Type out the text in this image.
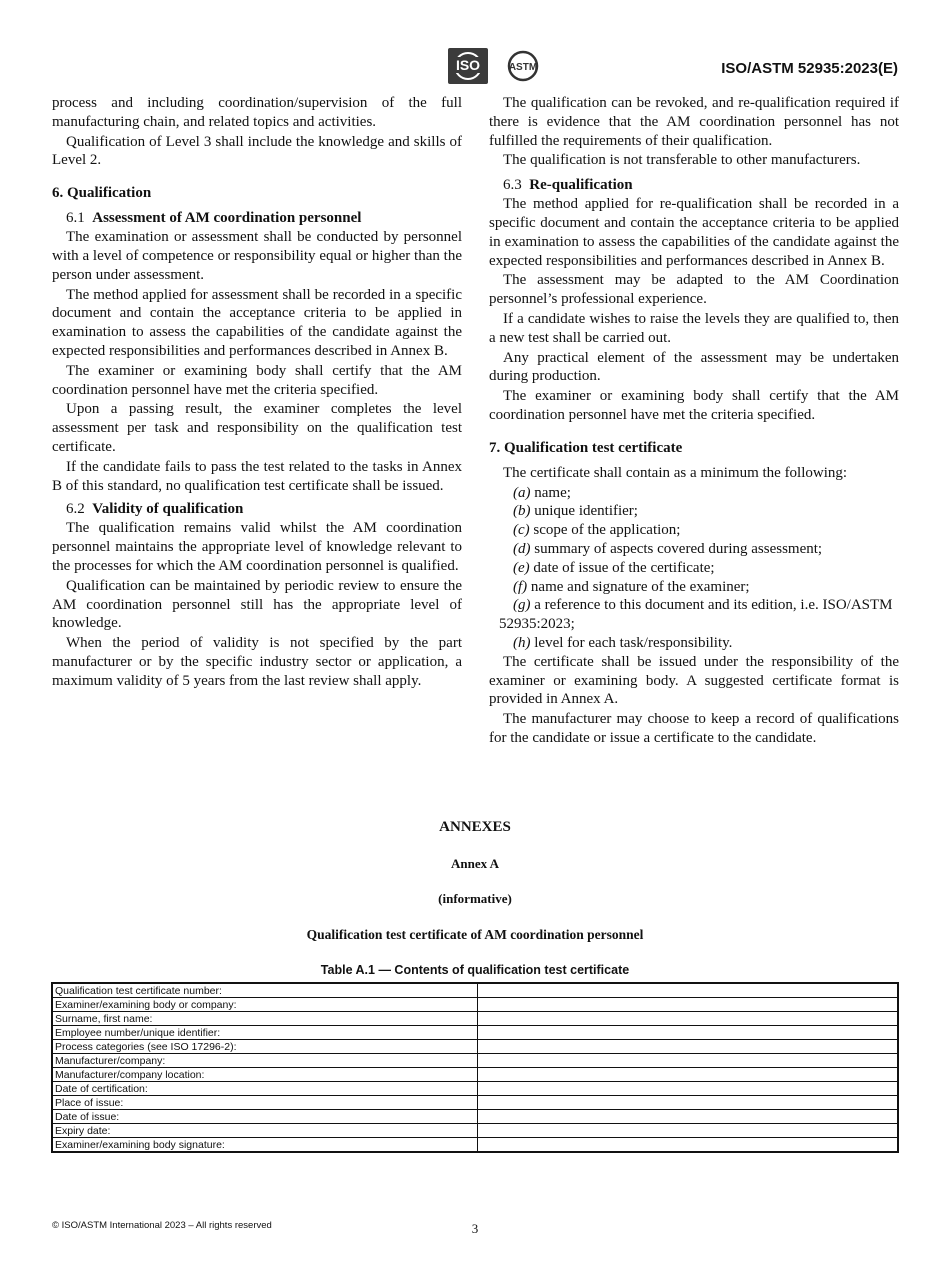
ISO	ASTM	ISO/ASTM 52935:2023(E)

process and including coordination/supervision of the full manufacturing chain, and related topics and activities.

Qualification of Level 3 shall include the knowledge and skills of Level 2.

6. Qualification
6.1 Assessment of AM coordination personnel

The examination or assessment shall be conducted by personnel with a level of competence or responsibility equal or higher than the person under assessment.

The method applied for assessment shall be recorded in a specific document and contain the acceptance criteria to be applied in examination to assess the capabilities of the candidate against the expected responsibilities and performances described in Annex B.

The examiner or examining body shall certify that the AM coordination personnel have met the criteria specified.

Upon a passing result, the examiner completes the level assessment per task and responsibility on the qualification test certificate.

If the candidate fails to pass the test related to the tasks in Annex B of this standard, no qualification test certificate shall be issued.

6.2 Validity of qualification

The qualification remains valid whilst the AM coordination personnel maintains the appropriate level of knowledge relevant to the processes for which the AM coordination personnel is qualified.

Qualification can be maintained by periodic review to ensure the AM coordination personnel still has the appropriate level of knowledge.

When the period of validity is not specified by the part manufacturer or by the specific industry sector or application, a maximum validity of 5 years from the last review shall apply.

The qualification can be revoked, and re-qualification required if there is evidence that the AM coordination personnel has not fulfilled the requirements of their qualification.

The qualification is not transferable to other manufacturers.

6.3 Re-qualification

The method applied for re-qualification shall be recorded in a specific document and contain the acceptance criteria to be applied in examination to assess the capabilities of the candidate against the expected responsibilities and performances described in Annex B.

The assessment may be adapted to the AM Coordination personnel’s professional experience.

If a candidate wishes to raise the levels they are qualified to, then a new test shall be carried out.

Any practical element of the assessment may be undertaken during production.

The examiner or examining body shall certify that the AM coordination personnel have met the criteria specified.

7. Qualification test certificate

The certificate shall contain as a minimum the following:

(a) name;

(b) unique identifier;

(c) scope of the application;

(d) summary of aspects covered during assessment;

(e) date of issue of the certificate;

(f) name and signature of the examiner;

(g) a reference to this document and its edition, i.e. ISO/ASTM 52935:2023;

(h) level for each task/responsibility.

The certificate shall be issued under the responsibility of the examiner or examining body. A suggested certificate format is provided in Annex A.

The manufacturer may choose to keep a record of qualifications for the candidate or issue a certificate to the candidate.

ANNEXES
Annex A
(informative)
Qualification test certificate of AM coordination personnel
Table A.1 — Contents of qualification test certificate
Qualification test certificate number:	
Examiner/examining body or company:	
Surname, first name:	
Employee number/unique identifier:	
Process categories (see ISO 17296-2):	
Manufacturer/company:	
Manufacturer/company location:	
Date of certification:	
Place of issue:	
Date of issue:	
Expiry date:	
Examiner/examining body signature:	
© ISO/ASTM International 2023 – All rights reserved	3
